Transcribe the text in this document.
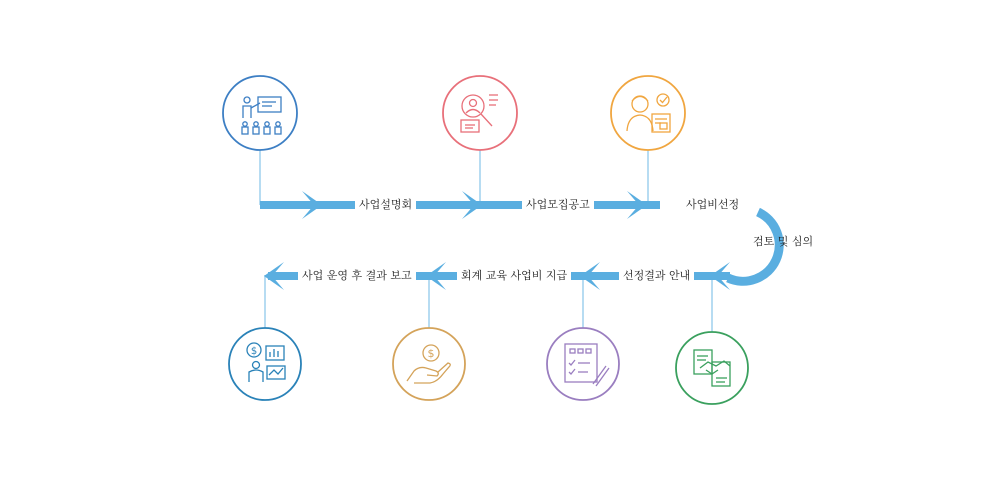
$	$
사업설명회	사업모집공고	사업비선정
검토 및 심의
선정결과 안내
회계 교육 사업비 지급
사업 운영 후 결과 보고
